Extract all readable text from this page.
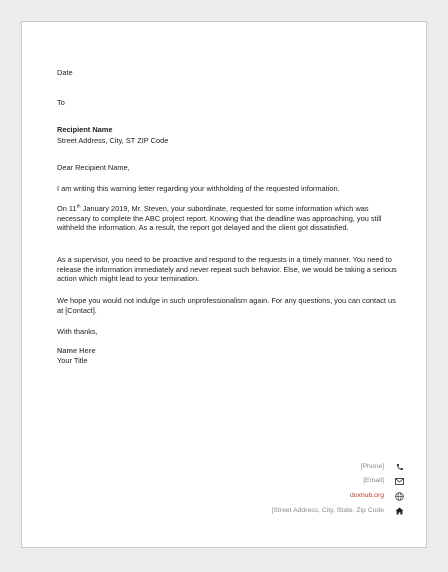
Date

To

Recipient Name

Street Address, City, ST ZIP Code

Dear Recipient Name,

I am writing this warning letter regarding your withholding of the requested information.

On 11th January 2019, Mr. Steven, your subordinate, requested for some information which was necessary to complete the ABC project report. Knowing that the deadline was approaching, you still withheld the information. As a result, the report got delayed and the client got dissatisfied.

As a supervisor, you need to be proactive and respond to the requests in a timely manner. You need to release the information immediately and never repeat such behavior. Else, we would be taking a serious action which might lead to your termination.

We hope you would not indulge in such unprofessionalism again. For any questions, you can contact us at [Contact].

With thanks,

Name Here

Your Title

[Phone]
[Email]
doxhub.org
[Street Address, City, State, Zip Code
